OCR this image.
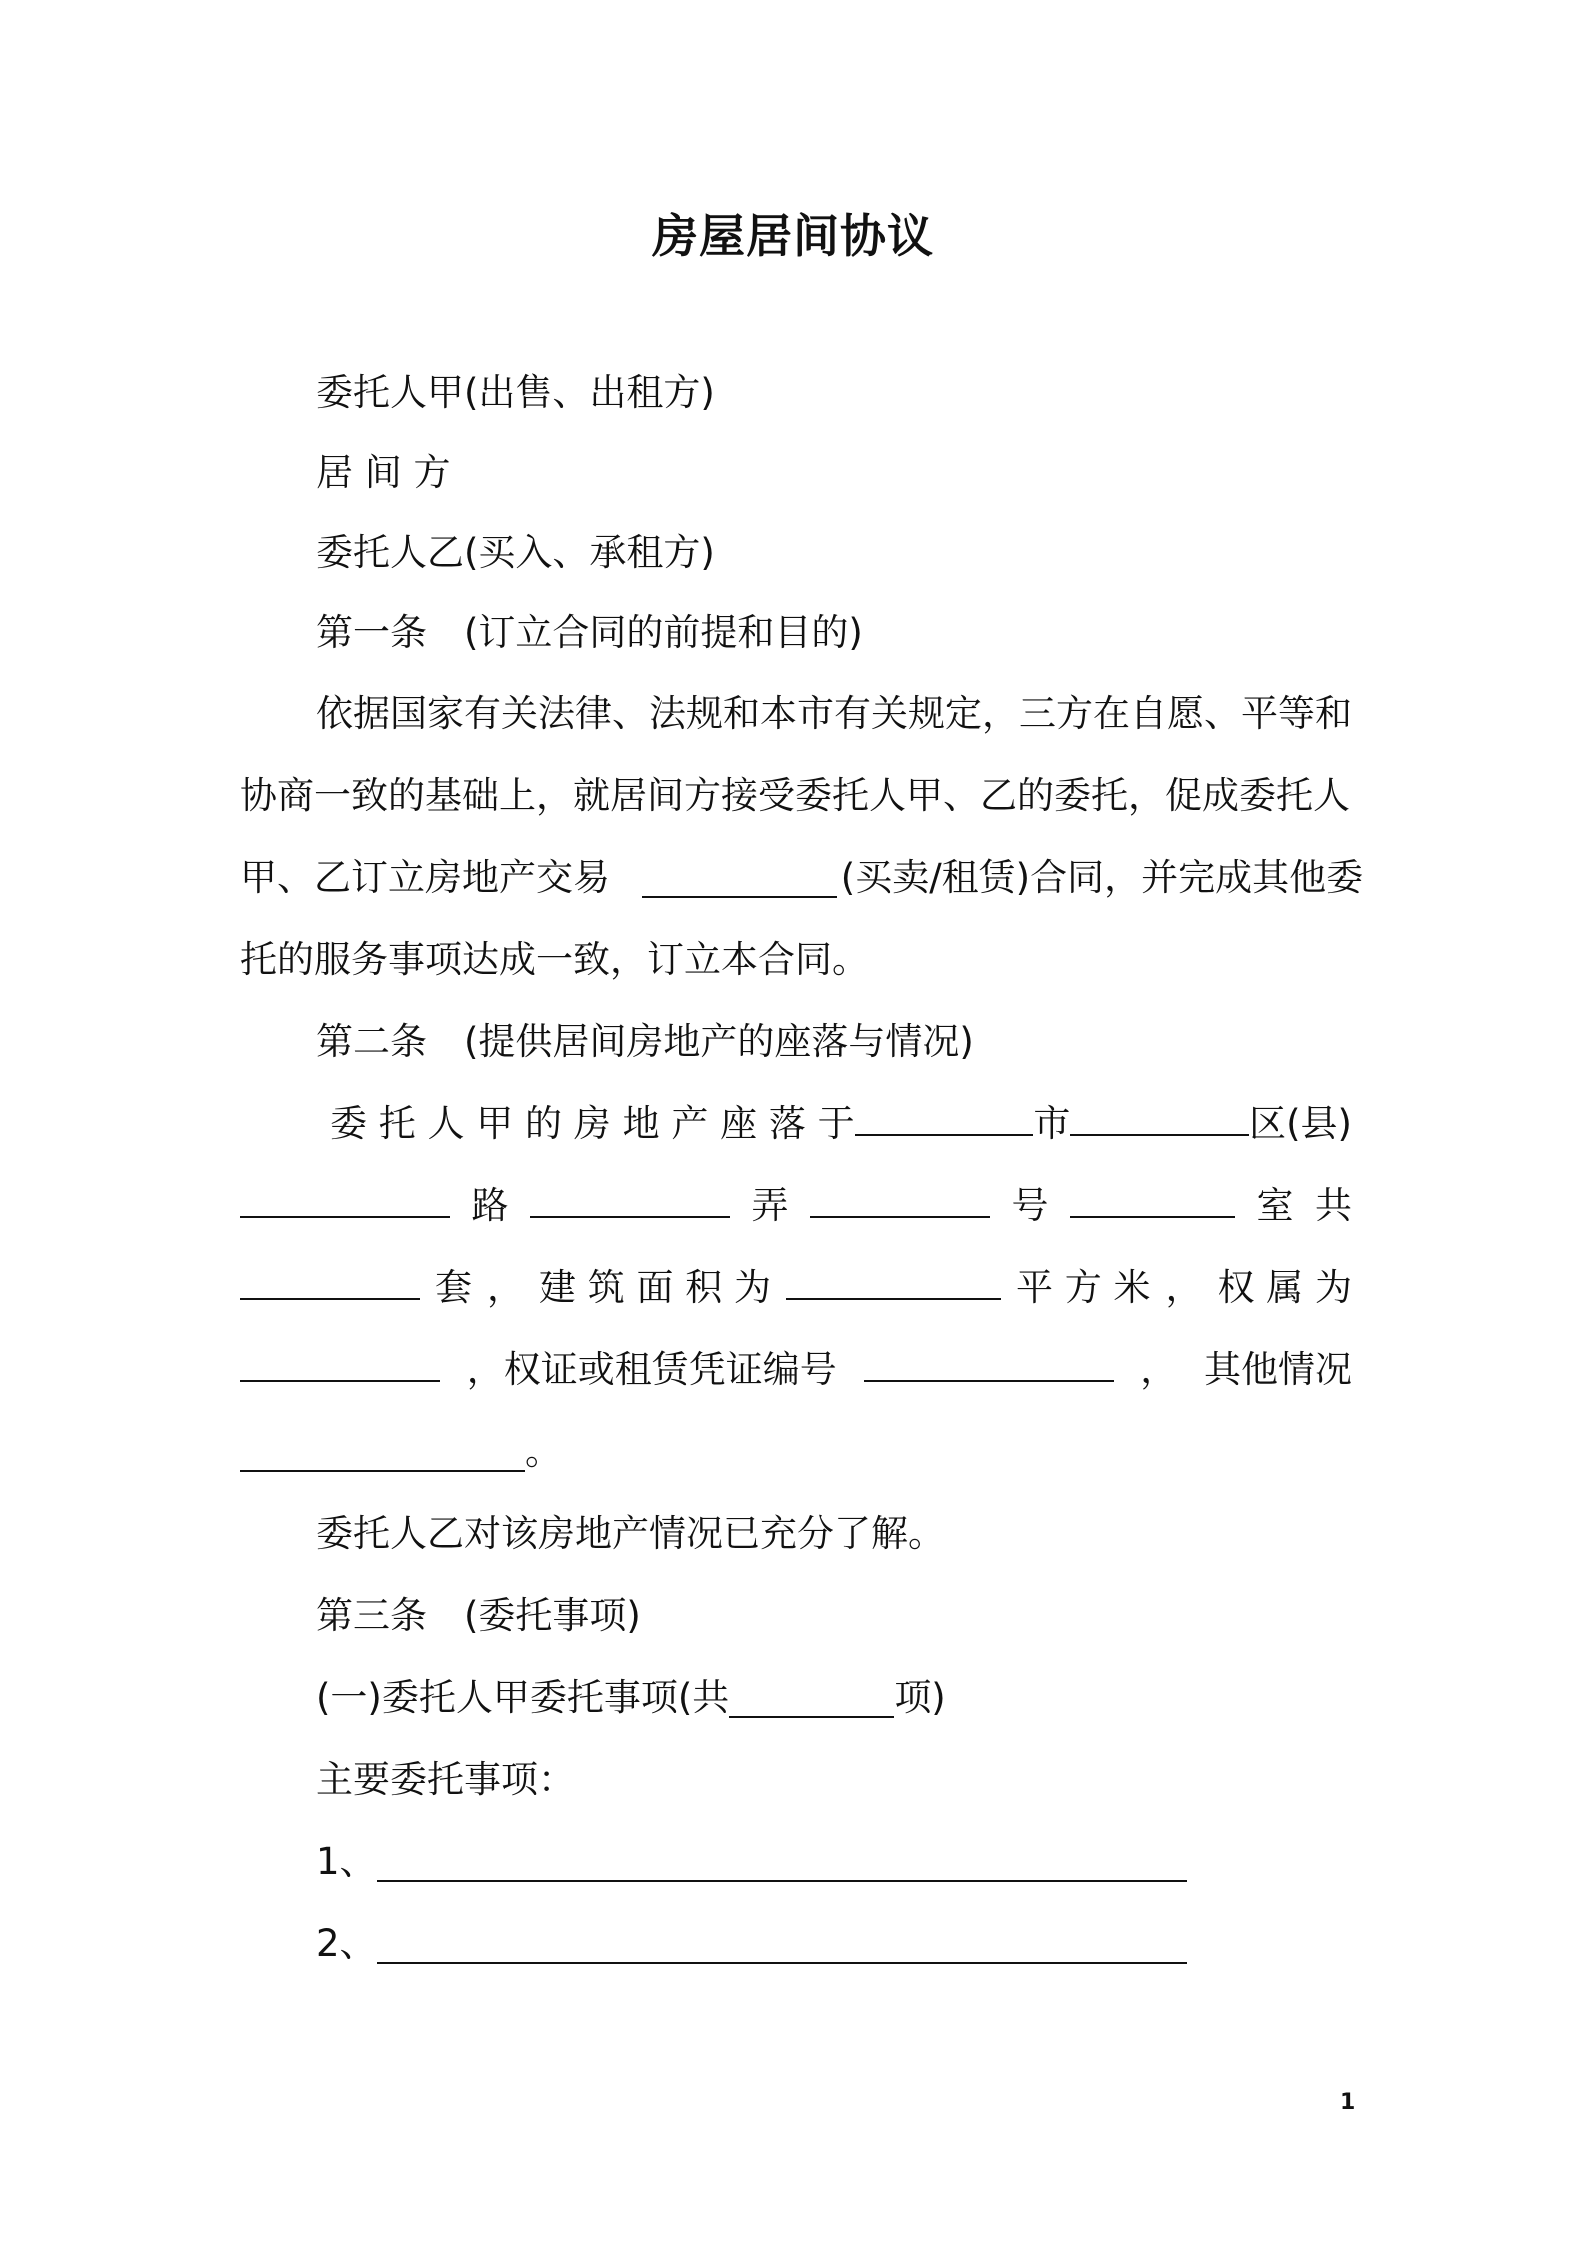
房屋居间协议
委托人甲(出售、出租方)
居 间 方
委托人乙(买入、承租方)
第一条　(订立合同的前提和目的)
依据国家有关法律、法规和本市有关规定，三方在自愿、平等和
协商一致的基础上，就居间方接受委托人甲、乙的委托，促成委托人
甲、乙订立房地产交易	(买卖/租赁)合同，并完成其他委
托的服务事项达成一致，订立本合同。
第二条　(提供居间房地产的座落与情况)
委 托 人 甲 的 房 地 产 座 落 于	市	区(县)
路	弄	号	室 共
套 ， 建 筑 面 积 为	平 方 米 ， 权 属 为
，权证或租赁凭证编号	， 其他情况
。
委托人乙对该房地产情况已充分了解。
第三条　(委托事项)
(一)委托人甲委托事项(共	项)
主要委托事项：
1、
2、
1
